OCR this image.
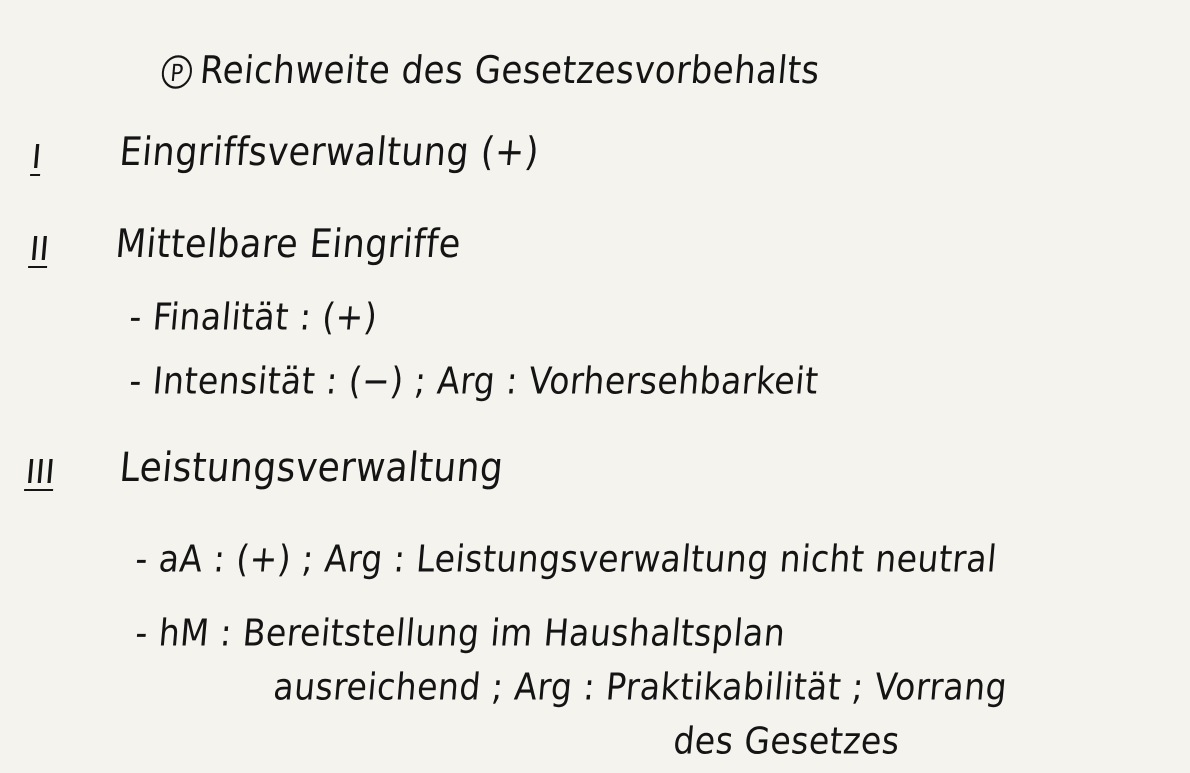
P Reichweite des Gesetzesvorbehalts

I Eingriffsverwaltung (+)
II Mittelbare Eingriffe
- Finalität : (+)
- Intensität : (−) ; Arg : Vorhersehbarkeit
III Leistungsverwaltung
- aA : (+) ; Arg : Leistungsverwaltung nicht neutral
- hM : Bereitstellung im Haushaltsplan
ausreichend ; Arg : Praktikabilität ; Vorrang
des Gesetzes
